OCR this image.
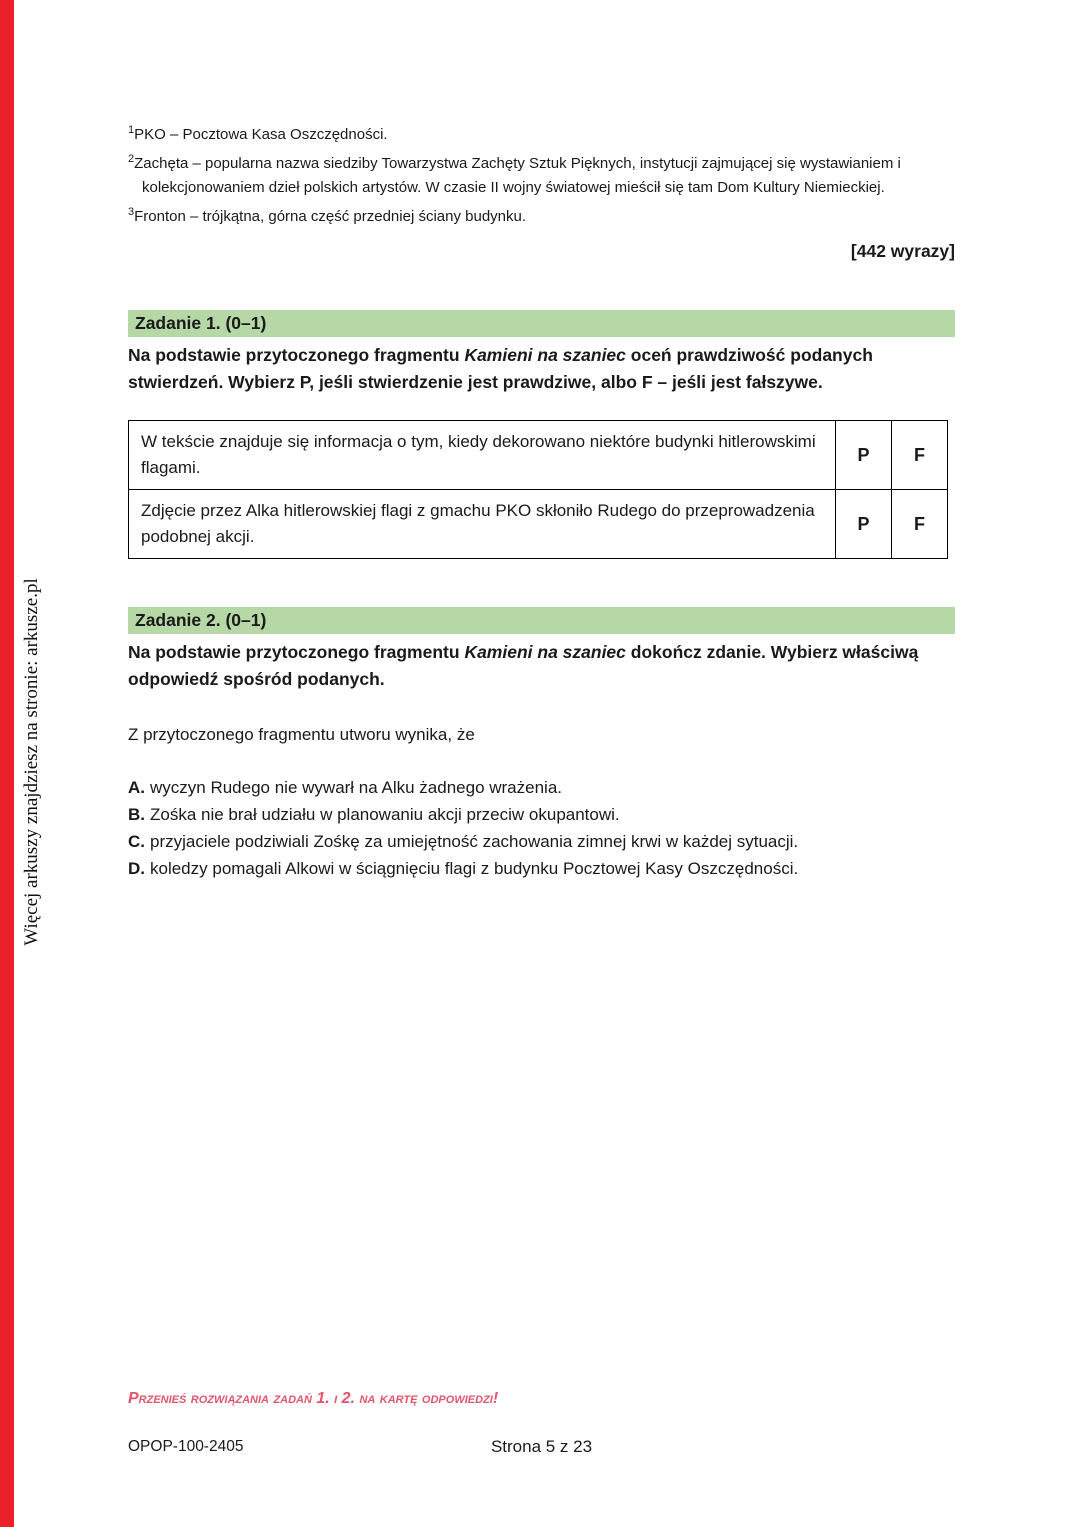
Więcej arkuszy znajdziesz na stronie: arkusze.pl
$^1$PKO – Pocztowa Kasa Oszczędności.
$^2$Zachęta – popularna nazwa siedziby Towarzystwa Zachęty Sztuk Pięknych, instytucji zajmującej się wystawianiem i kolekcjonowaniem dzieł polskich artystów. W czasie II wojny światowej mieścił się tam Dom Kultury Niemieckiej.
$^3$Fronton – trójkątna, górna część przedniej ściany budynku.
[442 wyrazy]
Zadanie 1. (0–1)
Na podstawie przytoczonego fragmentu Kamieni na szaniec oceń prawdziwość podanych stwierdzeń. Wybierz P, jeśli stwierdzenie jest prawdziwe, albo F – jeśli jest fałszywe.
W tekście znajduje się informacja o tym, kiedy dekorowano niektóre budynki hitlerowskimi flagami.	P	F
Zdjęcie przez Alka hitlerowskiej flagi z gmachu PKO skłoniło Rudego do przeprowadzenia podobnej akcji.	P	F
Zadanie 2. (0–1)
Na podstawie przytoczonego fragmentu Kamieni na szaniec dokończ zdanie. Wybierz właściwą odpowiedź spośród podanych.
Z przytoczonego fragmentu utworu wynika, że
A. wyczyn Rudego nie wywarł na Alku żadnego wrażenia.
B. Zośka nie brał udziału w planowaniu akcji przeciw okupantowi.
C. przyjaciele podziwiali Zośkę za umiejętność zachowania zimnej krwi w każdej sytuacji.
D. koledzy pomagali Alkowi w ściągnięciu flagi z budynku Pocztowej Kasy Oszczędności.
Przenieś rozwiązania zadań 1. i 2. na kartę odpowiedzi!
OPOP-100-2405	Strona 5 z 23
